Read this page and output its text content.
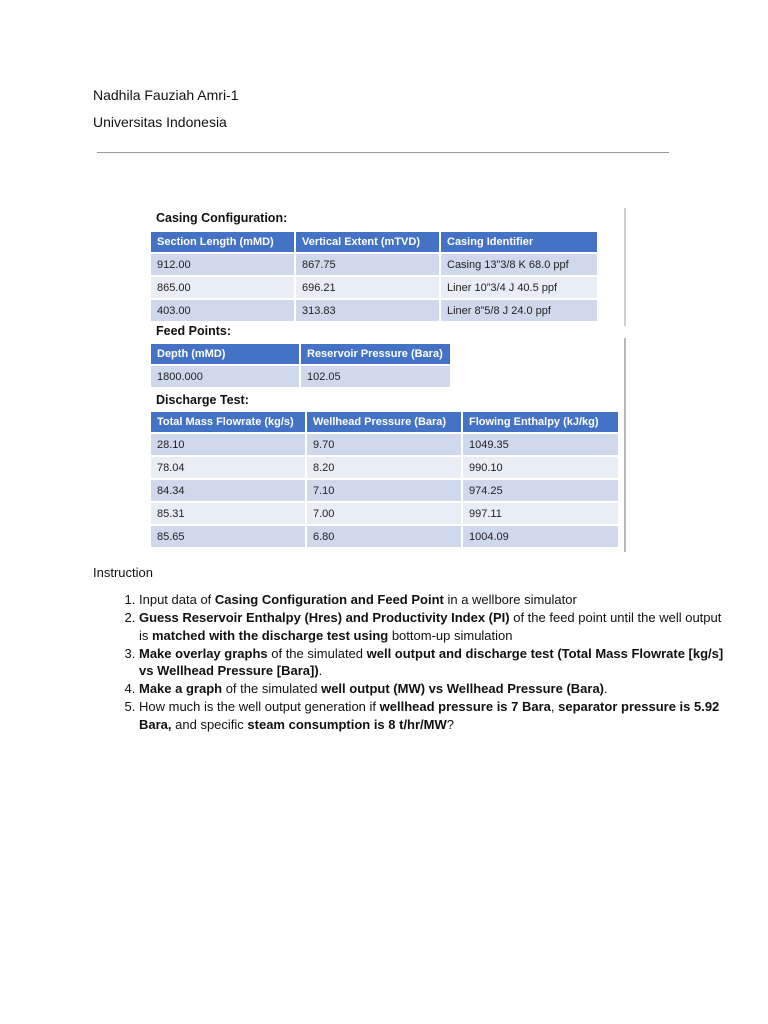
Nadhila Fauziah Amri-1
Universitas Indonesia
Casing Configuration:
Section Length (mMD)	Vertical Extent (mTVD)	Casing Identifier
912.00	867.75	Casing 13”3/8 K 68.0 ppf
865.00	696.21	Liner 10”3/4 J 40.5 ppf
403.00	313.83	Liner 8”5/8 J 24.0 ppf
Feed Points:
Depth (mMD)	Reservoir Pressure (Bara)
1800.000	102.05
Discharge Test:
Total Mass Flowrate (kg/s)	Wellhead Pressure (Bara)	Flowing Enthalpy (kJ/kg)
28.10	9.70	1049.35
78.04	8.20	990.10
84.34	7.10	974.25
85.31	7.00	997.11
85.65	6.80	1004.09
Instruction
1. Input data of Casing Configuration and Feed Point in a wellbore simulator
2. Guess Reservoir Enthalpy (Hres) and Productivity Index (PI) of the feed point until the well output is matched with the discharge test using bottom-up simulation
3. Make overlay graphs of the simulated well output and discharge test (Total Mass Flowrate [kg/s] vs Wellhead Pressure [Bara]).
4. Make a graph of the simulated well output (MW) vs Wellhead Pressure (Bara).
5. How much is the well output generation if wellhead pressure is 7 Bara, separator pressure is 5.92 Bara, and specific steam consumption is 8 t/hr/MW?
